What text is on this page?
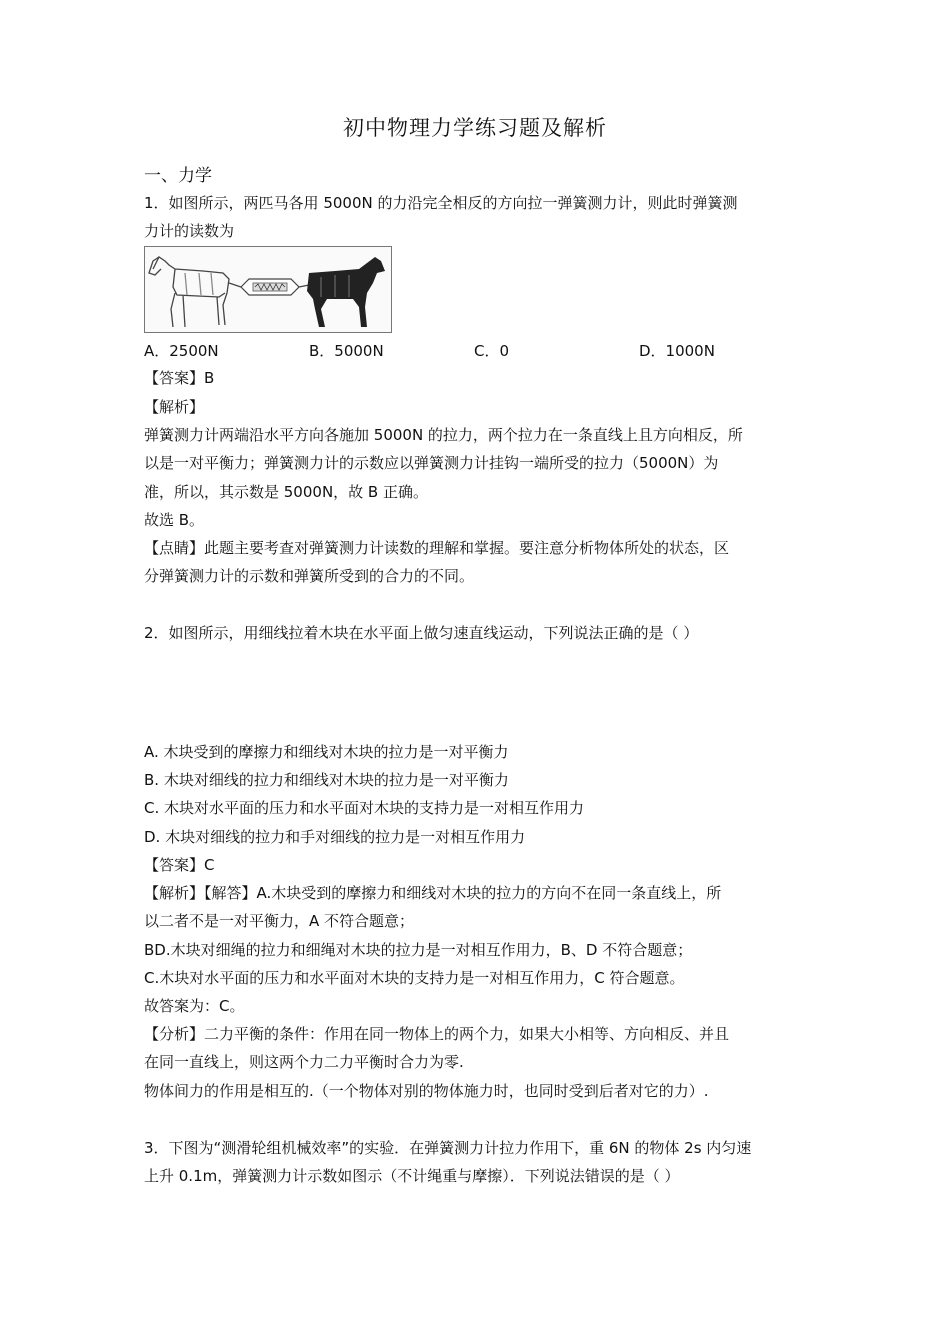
初中物理力学练习题及解析
一、力学
1．如图所示，两匹马各用 5000N 的力沿完全相反的方向拉一弹簧测力计，则此时弹簧测
力计的读数为
A．2500N	B．5000N	C．0	D．1000N
【答案】B
【解析】
弹簧测力计两端沿水平方向各施加 5000N 的拉力，两个拉力在一条直线上且方向相反，所
以是一对平衡力；弹簧测力计的示数应以弹簧测力计挂钩一端所受的拉力（5000N）为
准，所以，其示数是 5000N，故 B 正确。
故选 B。
【点睛】此题主要考查对弹簧测力计读数的理解和掌握。要注意分析物体所处的状态，区
分弹簧测力计的示数和弹簧所受到的合力的不同。
2．如图所示，用细线拉着木块在水平面上做匀速直线运动，下列说法正确的是（ ）
A. 木块受到的摩擦力和细线对木块的拉力是一对平衡力
B. 木块对细线的拉力和细线对木块的拉力是一对平衡力
C. 木块对水平面的压力和水平面对木块的支持力是一对相互作用力
D. 木块对细线的拉力和手对细线的拉力是一对相互作用力
【答案】C
【解析】【解答】A.木块受到的摩擦力和细线对木块的拉力的方向不在同一条直线上，所
以二者不是一对平衡力，A 不符合题意；
BD.木块对细绳的拉力和细绳对木块的拉力是一对相互作用力，B、D 不符合题意；
C.木块对水平面的压力和水平面对木块的支持力是一对相互作用力，C 符合题意。
故答案为：C。
【分析】二力平衡的条件：作用在同一物体上的两个力，如果大小相等、方向相反、并且
在同一直线上，则这两个力二力平衡时合力为零.
物体间力的作用是相互的.（一个物体对别的物体施力时，也同时受到后者对它的力）.
3．下图为“测滑轮组机械效率”的实验．在弹簧测力计拉力作用下，重 6N 的物体 2s 内匀速
上升 0.1m，弹簧测力计示数如图示（不计绳重与摩擦）．下列说法错误的是（ ）
